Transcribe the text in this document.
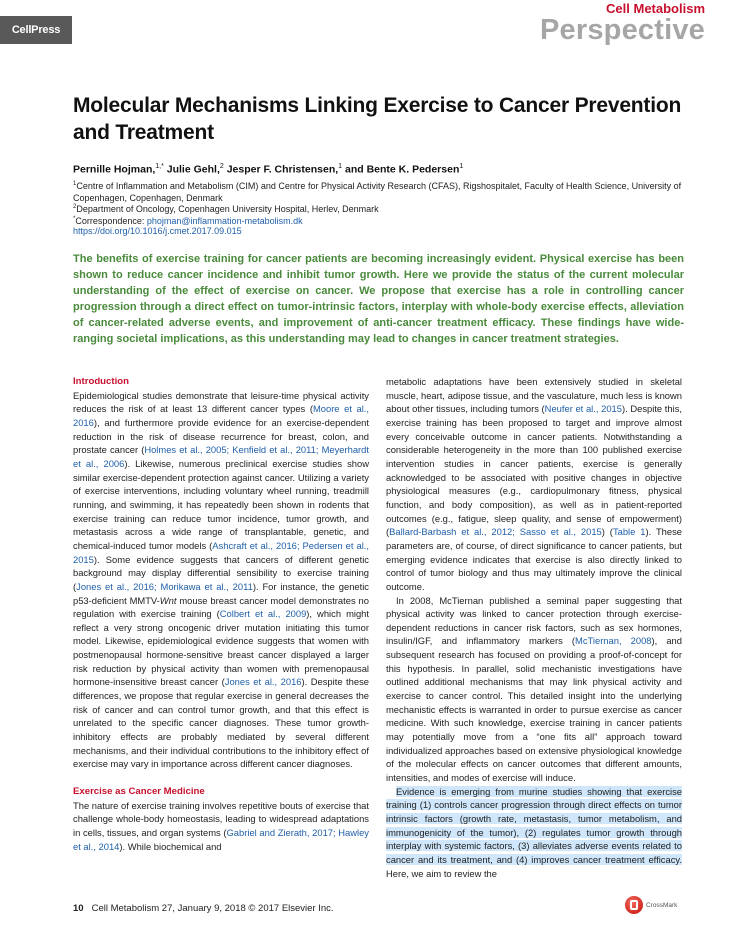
CellPress
Cell Metabolism
Perspective
Molecular Mechanisms Linking Exercise to Cancer Prevention and Treatment
Pernille Hojman,$^{1,*}$ Julie Gehl,$^2$ Jesper F. Christensen,$^1$ and Bente K. Pedersen$^1$
$^1$Centre of Inflammation and Metabolism (CIM) and Centre for Physical Activity Research (CFAS), Rigshospitalet, Faculty of Health Science, University of Copenhagen, Copenhagen, Denmark
$^2$Department of Oncology, Copenhagen University Hospital, Herlev, Denmark
*Correspondence: phojman@inflammation-metabolism.dk
https://doi.org/10.1016/j.cmet.2017.09.015
The benefits of exercise training for cancer patients are becoming increasingly evident. Physical exercise has been shown to reduce cancer incidence and inhibit tumor growth. Here we provide the status of the current molecular understanding of the effect of exercise on cancer. We propose that exercise has a role in controlling cancer progression through a direct effect on tumor-intrinsic factors, interplay with whole-body exercise effects, alleviation of cancer-related adverse events, and improvement of anti-cancer treatment efficacy. These findings have wide-ranging societal implications, as this understanding may lead to changes in cancer treatment strategies.
Introduction

Epidemiological studies demonstrate that leisure-time physical activity reduces the risk of at least 13 different cancer types (Moore et al., 2016), and furthermore provide evidence for an exercise-dependent reduction in the risk of disease recurrence for breast, colon, and prostate cancer (Holmes et al., 2005; Kenfield et al., 2011; Meyerhardt et al., 2006). Likewise, numerous preclinical exercise studies show similar exercise-dependent protection against cancer. Utilizing a variety of exercise interventions, including voluntary wheel running, treadmill running, and swimming, it has repeatedly been shown in rodents that exercise training can reduce tumor incidence, tumor growth, and metastasis across a wide range of transplantable, genetic, and chemical-induced tumor models (Ashcraft et al., 2016; Pedersen et al., 2015). Some evidence suggests that cancers of different genetic background may display differential sensibility to exercise training (Jones et al., 2016; Morikawa et al., 2011). For instance, the genetic p53-deficient MMTV-Wnt mouse breast cancer model demonstrates no regulation with exercise training (Colbert et al., 2009), which might reflect a very strong oncogenic driver mutation initiating this tumor model. Likewise, epidemiological evidence suggests that women with postmenopausal hormone-sensitive breast cancer displayed a larger risk reduction by physical activity than women with premenopausal hormone-insensitive breast cancer (Jones et al., 2016). Despite these differences, we propose that regular exercise in general decreases the risk of cancer and can control tumor growth, and that this effect is unrelated to the specific cancer diagnoses. These tumor growth-inhibitory effects are probably mediated by several different mechanisms, and their individual contributions to the inhibitory effect of exercise may vary in importance across different cancer diagnoses.

Exercise as Cancer Medicine

The nature of exercise training involves repetitive bouts of exercise that challenge whole-body homeostasis, leading to widespread adaptations in cells, tissues, and organ systems (Gabriel and Zierath, 2017; Hawley et al., 2014). While biochemical and

metabolic adaptations have been extensively studied in skeletal muscle, heart, adipose tissue, and the vasculature, much less is known about other tissues, including tumors (Neufer et al., 2015). Despite this, exercise training has been proposed to target and improve almost every conceivable outcome in cancer patients. Notwithstanding a considerable heterogeneity in the more than 100 published exercise intervention studies in cancer patients, exercise is generally acknowledged to be associated with positive changes in objective physiological measures (e.g., cardiopulmonary fitness, physical function, and body composition), as well as in patient-reported outcomes (e.g., fatigue, sleep quality, and sense of empowerment) (Ballard-Barbash et al., 2012; Sasso et al., 2015) (Table 1). These parameters are, of course, of direct significance to cancer patients, but emerging evidence indicates that exercise is also directly linked to control of tumor biology and thus may ultimately improve the clinical outcome.

In 2008, McTiernan published a seminal paper suggesting that physical activity was linked to cancer protection through exercise-dependent reductions in cancer risk factors, such as sex hormones, insulin/IGF, and inflammatory markers (McTiernan, 2008), and subsequent research has focused on providing a proof-of-concept for this hypothesis. In parallel, solid mechanistic investigations have outlined additional mechanisms that may link physical activity and exercise to cancer control. This detailed insight into the underlying mechanistic effects is warranted in order to pursue exercise as cancer medicine. With such knowledge, exercise training in cancer patients may potentially move from a “one fits all” approach toward individualized approaches based on extensive physiological knowledge of the molecular effects on cancer outcomes that different amounts, intensities, and modes of exercise will induce.

Evidence is emerging from murine studies showing that exercise training (1) controls cancer progression through direct effects on tumor intrinsic factors (growth rate, metastasis, tumor metabolism, and immunogenicity of the tumor), (2) regulates tumor growth through interplay with systemic factors, (3) alleviates adverse events related to cancer and its treatment, and (4) improves cancer treatment efficacy. Here, we aim to review the

10 Cell Metabolism 27, January 9, 2018 © 2017 Elsevier Inc.	CrossMark
